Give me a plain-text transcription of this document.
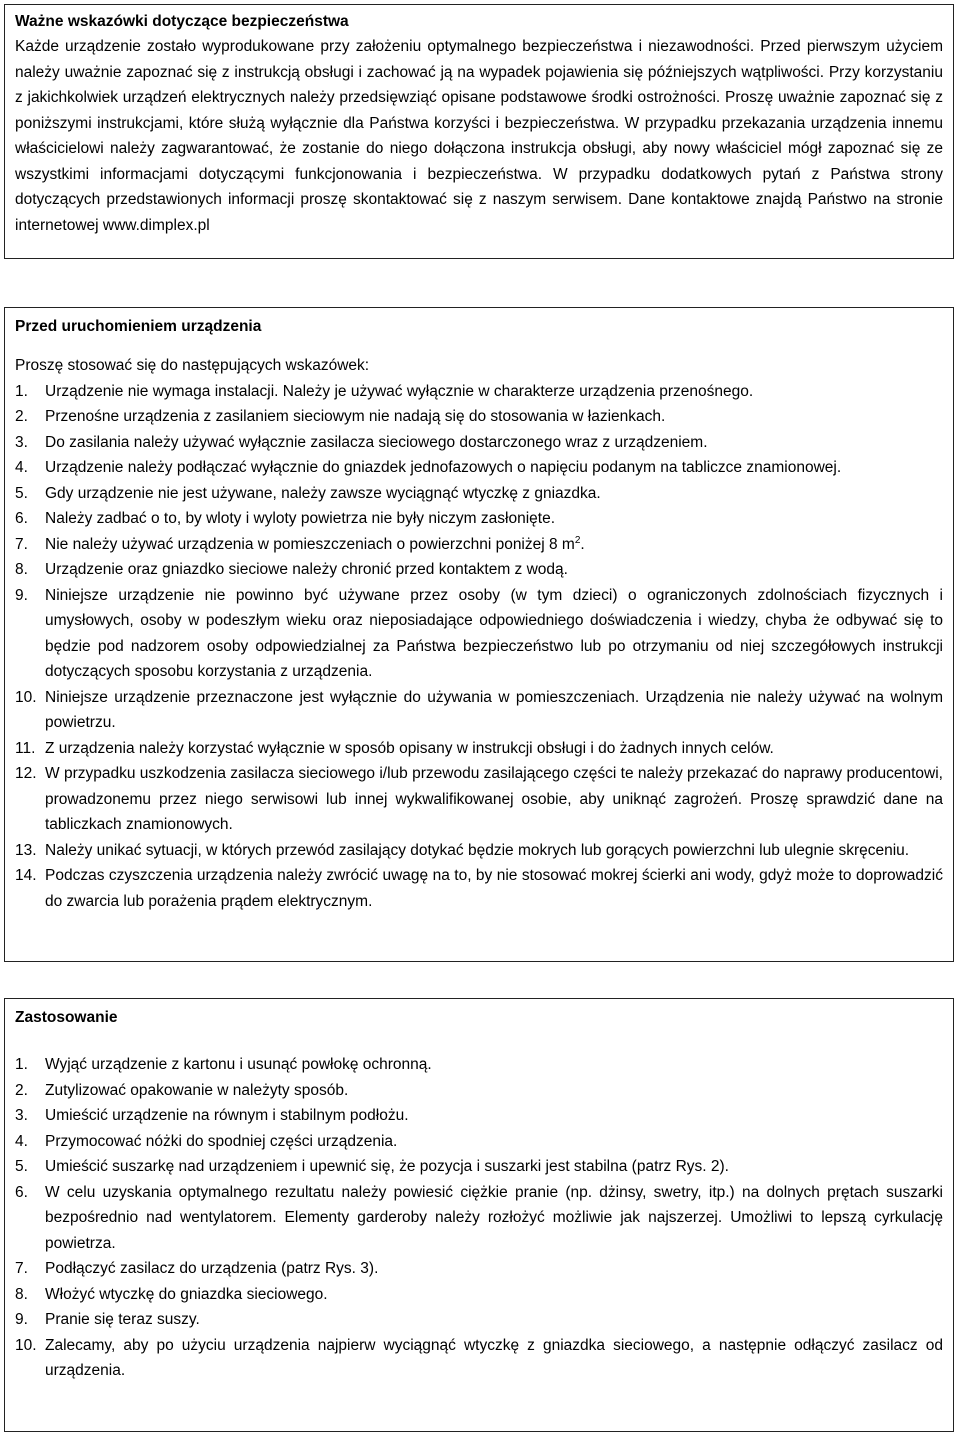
Ważne wskazówki dotyczące bezpieczeństwa
Każde urządzenie zostało wyprodukowane przy założeniu optymalnego bezpieczeństwa i niezawodności. Przed pierwszym użyciem należy uważnie zapoznać się z instrukcją obsługi i zachować ją na wypadek pojawienia się późniejszych wątpliwości. Przy korzystaniu z jakichkolwiek urządzeń elektrycznych należy przedsięwziąć opisane podstawowe środki ostrożności. Proszę uważnie zapoznać się z poniższymi instrukcjami, które służą wyłącznie dla Państwa korzyści i bezpieczeństwa. W przypadku przekazania urządzenia innemu właścicielowi należy zagwarantować, że zostanie do niego dołączona instrukcja obsługi, aby nowy właściciel mógł zapoznać się ze wszystkimi informacjami dotyczącymi funkcjonowania i bezpieczeństwa. W przypadku dodatkowych pytań z Państwa strony dotyczących przedstawionych informacji proszę skontaktować się z naszym serwisem. Dane kontaktowe znajdą Państwo na stronie internetowej www.dimplex.pl
Przed uruchomieniem urządzenia
Proszę stosować się do następujących wskazówek:
1. Urządzenie nie wymaga instalacji. Należy je używać wyłącznie w charakterze urządzenia przenośnego.
2. Przenośne urządzenia z zasilaniem sieciowym nie nadają się do stosowania w łazienkach.
3. Do zasilania należy używać wyłącznie zasilacza sieciowego dostarczonego wraz z urządzeniem.
4. Urządzenie należy podłączać wyłącznie do gniazdek jednofazowych o napięciu podanym na tabliczce znamionowej.
5. Gdy urządzenie nie jest używane, należy zawsze wyciągnąć wtyczkę z gniazdka.
6. Należy zadbać o to, by wloty i wyloty powietrza nie były niczym zasłonięte.
7. Nie należy używać urządzenia w pomieszczeniach o powierzchni poniżej 8 $m^2$.
8. Urządzenie oraz gniazdko sieciowe należy chronić przed kontaktem z wodą.
9. Niniejsze urządzenie nie powinno być używane przez osoby (w tym dzieci) o ograniczonych zdolnościach fizycznych i umysłowych, osoby w podeszłym wieku oraz nieposiadające odpowiedniego doświadczenia i wiedzy, chyba że odbywać się to będzie pod nadzorem osoby odpowiedzialnej za Państwa bezpieczeństwo lub po otrzymaniu od niej szczegółowych instrukcji dotyczących sposobu korzystania z urządzenia.
10. Niniejsze urządzenie przeznaczone jest wyłącznie do używania w pomieszczeniach. Urządzenia nie należy używać na wolnym powietrzu.
11. Z urządzenia należy korzystać wyłącznie w sposób opisany w instrukcji obsługi i do żadnych innych celów.
12. W przypadku uszkodzenia zasilacza sieciowego i/lub przewodu zasilającego części te należy przekazać do naprawy producentowi, prowadzonemu przez niego serwisowi lub innej wykwalifikowanej osobie, aby uniknąć zagrożeń. Proszę sprawdzić dane na tabliczkach znamionowych.
13. Należy unikać sytuacji, w których przewód zasilający dotykać będzie mokrych lub gorących powierzchni lub ulegnie skręceniu.
14. Podczas czyszczenia urządzenia należy zwrócić uwagę na to, by nie stosować mokrej ścierki ani wody, gdyż może to doprowadzić do zwarcia lub porażenia prądem elektrycznym.
Zastosowanie
1. Wyjąć urządzenie z kartonu i usunąć powłokę ochronną.
2. Zutylizować opakowanie w należyty sposób.
3. Umieścić urządzenie na równym i stabilnym podłożu.
4. Przymocować nóżki do spodniej części urządzenia.
5. Umieścić suszarkę nad urządzeniem i upewnić się, że pozycja i suszarki jest stabilna (patrz Rys. 2).
6. W celu uzyskania optymalnego rezultatu należy powiesić ciężkie pranie (np. dżinsy, swetry, itp.) na dolnych prętach suszarki bezpośrednio nad wentylatorem. Elementy garderoby należy rozłożyć możliwie jak najszerzej. Umożliwi to lepszą cyrkulację powietrza.
7. Podłączyć zasilacz do urządzenia (patrz Rys. 3).
8. Włożyć wtyczkę do gniazdka sieciowego.
9. Pranie się teraz suszy.
10. Zalecamy, aby po użyciu urządzenia najpierw wyciągnąć wtyczkę z gniazdka sieciowego, a następnie odłączyć zasilacz od urządzenia.
